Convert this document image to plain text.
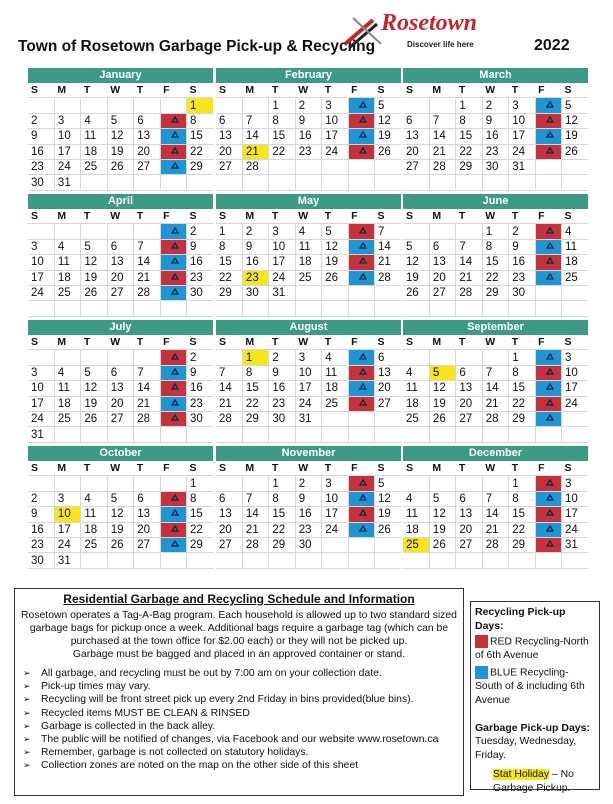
Town of Rosetown Garbage Pick-up & Recycling
Rosetown
Discover life here	2022
January
S	M	T	W	T	F	S
						1
2	3	4	5	6		8
9	10	11	12	13		15
16	17	18	19	20		22
23	24	25	26	27		29
30	31					
February
S	M	T	W	T	F	S
		1	2	3		5
6	7	8	9	10		12
13	14	15	16	17		19
20	21	22	23	24		26
27	28					

March
S	M	T	W	T	F	S
		1	2	3		5
6	7	8	9	10		12
13	14	15	16	17		19
20	21	22	23	24		26
27	28	29	30	31		

April
S	M	T	W	T	F	S
						2
3	4	5	6	7		9
10	11	12	13	14		16
17	18	19	20	21		23
24	25	26	27	28		30

May
S	M	T	W	T	F	S
1	2	3	4	5		7
8	9	10	11	12		14
15	16	17	18	19		21
22	23	24	25	26		28
29	30	31				

June
S	M	T	W	T	F	S
			1	2		4
5	6	7	8	9		11
12	13	14	15	16		18
19	20	21	22	23		25
26	27	28	29	30		

July
S	M	T	W	T	F	S
						2
3	4	5	6	7		9
10	11	12	13	14		16
17	18	19	20	21		23
24	25	26	27	28		30
31						
August
S	M	T	W	T	F	S
	1	2	3	4		6
7	8	9	10	11		13
14	15	16	17	18		20
21	22	23	24	25		27
28	29	30	31			

September
S	M	T	W	T	F	S
				1		3
4	5	6	7	8		10
11	12	13	14	15		17
18	19	20	21	22		24
25	26	27	28	29		

October
S	M	T	W	T	F	S
						1
2	3	4	5	6		8
9	10	11	12	13		15
16	17	18	19	20		22
23	24	25	26	27		29
30	31					
November
S	M	T	W	T	F	S
		1	2	3		5
6	7	8	9	10		12
13	14	15	16	17		19
20	21	22	23	24		26
27	28	29	30			

December
S	M	T	W	T	F	S
				1		3
4	5	6	7	8		10
11	12	13	14	15		17
18	19	20	21	22		24
25	26	27	28	29		31

Residential Garbage and Recycling Schedule and Information
Rosetown operates a Tag-A-Bag program. Each household is allowed up to two standard sized
garbage bags for pickup once a week. Additional bags require a garbage tag (which can be
purchased at the town office for $2.00 each) or they will not be picked up.
Garbage must be bagged and placed in an approved container or stand.
➢ All garbage, and recycling must be out by 7:00 am on your collection date.
➢ Pick-up times may vary.
➢ Recycling will be front street pick up every 2nd Friday in bins provided(blue bins).
➢ Recycled items MUST BE CLEAN & RINSED
➢ Garbage is collected in the back alley.
➢ The public will be notified of changes, via Facebook and our website www.rosetown.ca
➢ Remember, garbage is not collected on statutory holidays.
➢ Collection zones are noted on the map on the other side of this sheet
Recycling Pick-up Days:
RED Recycling-North of 6th Avenue
BLUE Recycling-South of & including 6th Avenue
Garbage Pick-up Days:
Tuesday, Wednesday, Friday.
Stat Holiday – No Garbage Pickup.
